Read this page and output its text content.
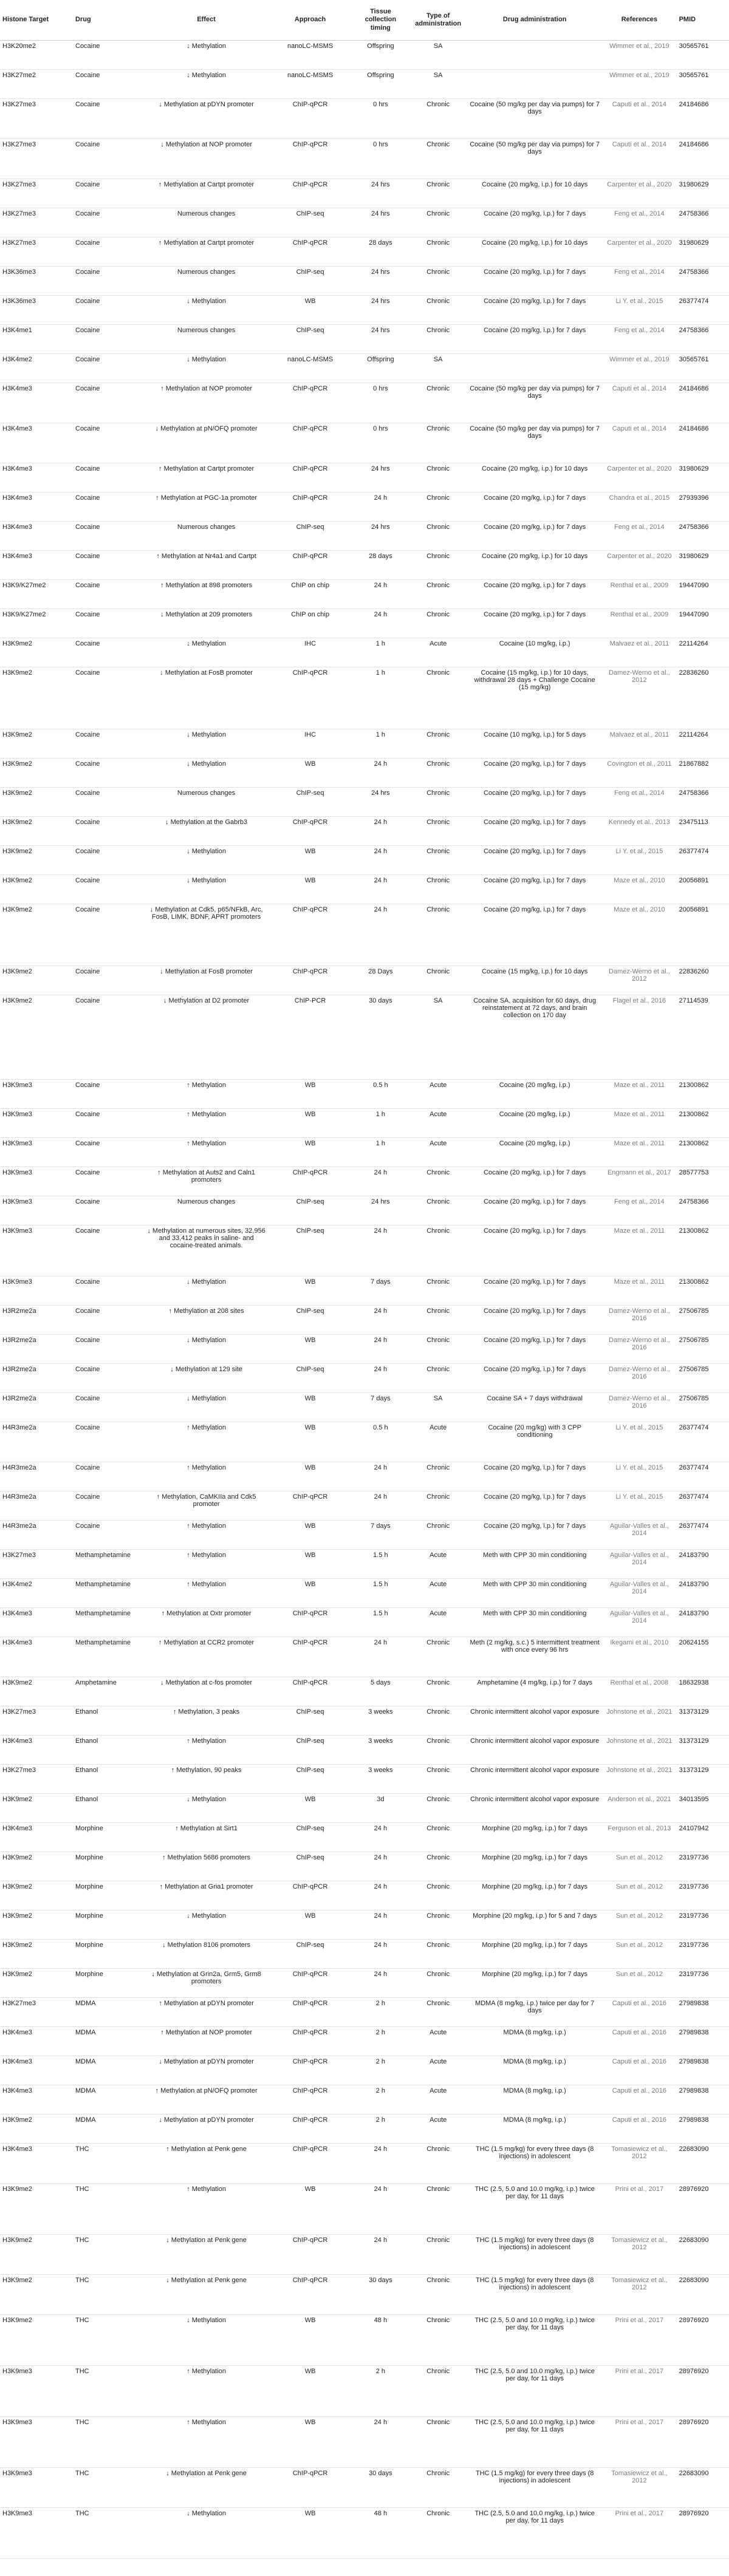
Histone Target	Drug	Effect	Approach	Tissue collection timing	Type of administration	Drug administration	References	PMID
H3K20me2	Cocaine	↓ Methylation	nanoLC-MSMS	Offspring	SA		Wimmer et al., 2019	30565761
H3K27me2	Cocaine	↓ Methylation	nanoLC-MSMS	Offspring	SA		Wimmer et al., 2019	30565761
H3K27me3	Cocaine	↓ Methylation at pDYN promoter	ChIP-qPCR	0 hrs	Chronic	Cocaine (50 mg/kg per day via pumps) for 7 days	Caputi et al., 2014	24184686
H3K27me3	Cocaine	↓ Methylation at NOP promoter	ChIP-qPCR	0 hrs	Chronic	Cocaine (50 mg/kg per day via pumps) for 7 days	Caputi et al., 2014	24184686
H3K27me3	Cocaine	↑ Methylation at Cartpt promoter	ChIP-qPCR	24 hrs	Chronic	Cocaine (20 mg/kg, i.p.) for 10 days	Carpenter et al., 2020	31980629
H3K27me3	Cocaine	Numerous changes	ChIP-seq	24 hrs	Chronic	Cocaine (20 mg/kg, i.p.) for 7 days	Feng et al., 2014	24758366
H3K27me3	Cocaine	↑ Methylation at Cartpt promoter	ChIP-qPCR	28 days	Chronic	Cocaine (20 mg/kg, i.p.) for 10 days	Carpenter et al., 2020	31980629
H3K36me3	Cocaine	Numerous changes	ChIP-seq	24 hrs	Chronic	Cocaine (20 mg/kg, i.p.) for 7 days	Feng et al., 2014	24758366
H3K36me3	Cocaine	↓ Methylation	WB	24 hrs	Chronic	Cocaine (20 mg/kg, i.p.) for 7 days	Li Y. et al., 2015	26377474
H3K4me1	Cocaine	Numerous changes	ChIP-seq	24 hrs	Chronic	Cocaine (20 mg/kg, i.p.) for 7 days	Feng et al., 2014	24758366
H3K4me2	Cocaine	↓ Methylation	nanoLC-MSMS	Offspring	SA		Wimmer et al., 2019	30565761
H3K4me3	Cocaine	↑ Methylation at NOP promoter	ChIP-qPCR	0 hrs	Chronic	Cocaine (50 mg/kg per day via pumps) for 7 days	Caputi et al., 2014	24184686
H3K4me3	Cocaine	↓ Methylation at pN/OFQ promoter	ChIP-qPCR	0 hrs	Chronic	Cocaine (50 mg/kg per day via pumps) for 7 days	Caputi et al., 2014	24184686
H3K4me3	Cocaine	↑ Methylation at Cartpt promoter	ChIP-qPCR	24 hrs	Chronic	Cocaine (20 mg/kg, i.p.) for 10 days	Carpenter et al., 2020	31980629
H3K4me3	Cocaine	↑ Methylation at PGC-1a promoter	ChIP-qPCR	24 h	Chronic	Cocaine (20 mg/kg, i.p.) for 7 days	Chandra et al., 2015	27939396
H3K4me3	Cocaine	Numerous changes	ChIP-seq	24 hrs	Chronic	Cocaine (20 mg/kg, i.p.) for 7 days	Feng et al., 2014	24758366
H3K4me3	Cocaine	↑ Methylation at Nr4a1 and Cartpt	ChIP-qPCR	28 days	Chronic	Cocaine (20 mg/kg, i.p.) for 10 days	Carpenter et al., 2020	31980629
H3K9/K27me2	Cocaine	↑ Methylation at 898 promoters	ChIP on chip	24 h	Chronic	Cocaine (20 mg/kg, i.p.) for 7 days	Renthal et al., 2009	19447090
H3K9/K27me2	Cocaine	↓ Methylation at 209 promoters	ChIP on chip	24 h	Chronic	Cocaine (20 mg/kg, i.p.) for 7 days	Renthal et al., 2009	19447090
H3K9me2	Cocaine	↓ Methylation	IHC	1 h	Acute	Cocaine (10 mg/kg, i.p.)	Malvaez et al., 2011	22114264
H3K9me2	Cocaine	↓ Methylation at FosB promoter	ChIP-qPCR	1 h	Chronic	Cocaine (15 mg/kg, i.p.) for 10 days, withdrawal 28 days + Challenge Cocaine (15 mg/kg)	Damez-Werno et al., 2012	22836260
H3K9me2	Cocaine	↓ Methylation	IHC	1 h	Chronic	Cocaine (10 mg/kg, i.p.) for 5 days	Malvaez et al., 2011	22114264
H3K9me2	Cocaine	↓ Methylation	WB	24 h	Chronic	Cocaine (20 mg/kg, i.p.) for 7 days	Covington et al., 2011	21867882
H3K9me2	Cocaine	Numerous changes	ChIP-seq	24 hrs	Chronic	Cocaine (20 mg/kg, i.p.) for 7 days	Feng et al., 2014	24758366
H3K9me2	Cocaine	↓ Methylation at the Gabrb3	ChIP-qPCR	24 h	Chronic	Cocaine (20 mg/kg, i.p.) for 7 days	Kennedy et al., 2013	23475113
H3K9me2	Cocaine	↓ Methylation	WB	24 h	Chronic	Cocaine (20 mg/kg, i.p.) for 7 days	Li Y. et al., 2015	26377474
H3K9me2	Cocaine	↓ Methylation	WB	24 h	Chronic	Cocaine (20 mg/kg, i.p.) for 7 days	Maze et al., 2010	20056891
H3K9me2	Cocaine	↓ Methylation at Cdk5, p65/NFkB, Arc, FosB, LIMK, BDNF, APRT promoters	ChIP-qPCR	24 h	Chronic	Cocaine (20 mg/kg, i.p.) for 7 days	Maze et al., 2010	20056891
H3K9me2	Cocaine	↓ Methylation at FosB promoter	ChIP-qPCR	28 Days	Chronic	Cocaine (15 mg/kg, i.p.) for 10 days	Damez-Werno et al., 2012	22836260
H3K9me2	Cocaine	↓ Methylation at D2 promoter	ChIP-PCR	30 days	SA	Cocaine SA, acquisition for 60 days, drug reinstatement at 72 days, and brain collection on 170 day	Flagel et al., 2016	27114539
H3K9me3	Cocaine	↑ Methylation	WB	0.5 h	Acute	Cocaine (20 mg/kg, i.p.)	Maze et al., 2011	21300862
H3K9me3	Cocaine	↑ Methylation	WB	1 h	Acute	Cocaine (20 mg/kg, i.p.)	Maze et al., 2011	21300862
H3K9me3	Cocaine	↑ Methylation	WB	1 h	Acute	Cocaine (20 mg/kg, i.p.)	Maze et al., 2011	21300862
H3K9me3	Cocaine	↑ Methylation at Auts2 and Caln1 promoters	ChIP-qPCR	24 h	Chronic	Cocaine (20 mg/kg, i.p.) for 7 days	Engmann et al., 2017	28577753
H3K9me3	Cocaine	Numerous changes	ChIP-seq	24 hrs	Chronic	Cocaine (20 mg/kg, i.p.) for 7 days	Feng et al., 2014	24758366
H3K9me3	Cocaine	↓ Methylation at numerous sites, 32,956 and 33,412 peaks in saline- and cocaine-treated animals.	ChIP-seq	24 h	Chronic	Cocaine (20 mg/kg, i.p.) for 7 days	Maze et al., 2011	21300862
H3K9me3	Cocaine	↓ Methylation	WB	7 days	Chronic	Cocaine (20 mg/kg, i.p.) for 7 days	Maze et al., 2011	21300862
H3R2me2a	Cocaine	↑ Methylation at 208 sites	ChIP-seq	24 h	Chronic	Cocaine (20 mg/kg, i.p.) for 7 days	Damez-Werno et al., 2016	27506785
H3R2me2a	Cocaine	↓ Methylation	WB	24 h	Chronic	Cocaine (20 mg/kg, i.p.) for 7 days	Damez-Werno et al., 2016	27506785
H3R2me2a	Cocaine	↓ Methylation at 129 site	ChIP-seq	24 h	Chronic	Cocaine (20 mg/kg, i.p.) for 7 days	Damez-Werno et al., 2016	27506785
H3R2me2a	Cocaine	↓ Methylation	WB	7 days	SA	Cocaine SA + 7 days withdrawal	Damez-Werno et al., 2016	27506785
H4R3me2a	Cocaine	↑ Methylation	WB	0.5 h	Acute	Cocaine (20 mg/kg) with 3 CPP conditioning	Li Y. et al., 2015	26377474
H4R3me2a	Cocaine	↑ Methylation	WB	24 h	Chronic	Cocaine (20 mg/kg, i.p.) for 7 days	Li Y. et al., 2015	26377474
H4R3me2a	Cocaine	↑ Methylation, CaMKIIa and Cdk5 promoter	ChIP-qPCR	24 h	Chronic	Cocaine (20 mg/kg, i.p.) for 7 days	Li Y. et al., 2015	26377474
H4R3me2a	Cocaine	↑ Methylation	WB	7 days	Chronic	Cocaine (20 mg/kg, i.p.) for 7 days	Aguilar-Valles et al., 2014	26377474
H3K27me3	Methamphetamine	↑ Methylation	WB	1.5 h	Acute	Meth with CPP 30 min conditioning	Aguilar-Valles et al., 2014	24183790
H3K4me2	Methamphetamine	↑ Methylation	WB	1.5 h	Acute	Meth with CPP 30 min conditioning	Aguilar-Valles et al., 2014	24183790
H3K4me3	Methamphetamine	↑ Methylation at Oxtr promoter	ChIP-qPCR	1.5 h	Acute	Meth with CPP 30 min conditioning	Aguilar-Valles et al., 2014	24183790
H3K4me3	Methamphetamine	↑ Methylation at CCR2 promoter	ChIP-qPCR	24 h	Chronic	Meth (2 mg/kg, s.c.) 5 intermittent treatment with once every 96 hrs	Ikegami et al., 2010	20624155
H3K9me2	Amphetamine	↓ Methylation at c-fos promoter	ChIP-qPCR	5 days	Chronic	Amphetamine (4 mg/kg, i.p.) for 7 days	Renthal et al., 2008	18632938
H3K27me3	Ethanol	↑ Methylation, 3 peaks	ChIP-seq	3 weeks	Chronic	Chronic intermittent alcohol vapor exposure	Johnstone et al., 2021	31373129
H3K4me3	Ethanol	↑ Methylation	ChIP-seq	3 weeks	Chronic	Chronic intermittent alcohol vapor exposure	Johnstone et al., 2021	31373129
H3K27me3	Ethanol	↑ Methylation, 90 peaks	ChIP-seq	3 weeks	Chronic	Chronic intermittent alcohol vapor exposure	Johnstone et al., 2021	31373129
H3K9me2	Ethanol	↓ Methylation	WB	3d	Chronic	Chronic intermittent alcohol vapor exposure	Anderson et al., 2021	34013595
H3K4me3	Morphine	↑ Methylation at Sirt1	ChIP-seq	24 h	Chronic	Morphine (20 mg/kg, i.p.) for 7 days	Ferguson et al., 2013	24107942
H3K9me2	Morphine	↑ Methylation 5686 promoters	ChIP-seq	24 h	Chronic	Morphine (20 mg/kg, i.p.) for 7 days	Sun et al., 2012	23197736
H3K9me2	Morphine	↑ Methylation at Gria1 promoter	ChIP-qPCR	24 h	Chronic	Morphine (20 mg/kg, i.p.) for 7 days	Sun et al., 2012	23197736
H3K9me2	Morphine	↓ Methylation	WB	24 h	Chronic	Morphine (20 mg/kg, i.p.) for 5 and 7 days	Sun et al., 2012	23197736
H3K9me2	Morphine	↓ Methylation 8106 promoters	ChIP-seq	24 h	Chronic	Morphine (20 mg/kg, i.p.) for 7 days	Sun et al., 2012	23197736
H3K9me2	Morphine	↓ Methylation at Grin2a, Grm5, Grm8 promoters	ChIP-qPCR	24 h	Chronic	Morphine (20 mg/kg, i.p.) for 7 days	Sun et al., 2012	23197736
H3K27me3	MDMA	↑ Methylation at pDYN promoter	ChIP-qPCR	2 h	Chronic	MDMA (8 mg/kg, i.p.) twice per day for 7 days	Caputi et al., 2016	27989838
H3K4me3	MDMA	↑ Methylation at NOP promoter	ChIP-qPCR	2 h	Acute	MDMA (8 mg/kg, i.p.)	Caputi et al., 2016	27989838
H3K4me3	MDMA	↓ Methylation at pDYN promoter	ChIP-qPCR	2 h	Acute	MDMA (8 mg/kg, i.p.)	Caputi et al., 2016	27989838
H3K4me3	MDMA	↑ Methylation at pN/OFQ promoter	ChIP-qPCR	2 h	Acute	MDMA (8 mg/kg, i.p.)	Caputi et al., 2016	27989838
H3K9me2	MDMA	↓ Methylation at pDYN promoter	ChIP-qPCR	2 h	Acute	MDMA (8 mg/kg, i.p.)	Caputi et al., 2016	27989838
H3K4me3	THC	↑ Methylation at Penk gene	ChIP-qPCR	24 h	Chronic	THC (1.5 mg/kg) for every three days (8 injections) in adolescent	Tomasiewicz et al., 2012	22683090
H3K9me2	THC	↑ Methylation	WB	24 h	Chronic	THC (2.5, 5.0 and 10.0 mg/kg, i.p.) twice per day, for 11 days	Prini et al., 2017	28976920
H3K9me2	THC	↓ Methylation at Penk gene	ChIP-qPCR	24 h	Chronic	THC (1.5 mg/kg) for every three days (8 injections) in adolescent	Tomasiewicz et al., 2012	22683090
H3K9me2	THC	↓ Methylation at Penk gene	ChIP-qPCR	30 days	Chronic	THC (1.5 mg/kg) for every three days (8 injections) in adolescent	Tomasiewicz et al., 2012	22683090
H3K9me2	THC	↓ Methylation	WB	48 h	Chronic	THC (2.5, 5.0 and 10.0 mg/kg, i.p.) twice per day, for 11 days	Prini et al., 2017	28976920
H3K9me3	THC	↑ Methylation	WB	2 h	Chronic	THC (2.5, 5.0 and 10.0 mg/kg, i.p.) twice per day, for 11 days	Prini et al., 2017	28976920
H3K9me3	THC	↑ Methylation	WB	24 h	Chronic	THC (2.5, 5.0 and 10.0 mg/kg, i.p.) twice per day, for 11 days	Prini et al., 2017	28976920
H3K9me3	THC	↓ Methylation at Penk gene	ChIP-qPCR	30 days	Chronic	THC (1.5 mg/kg) for every three days (8 injections) in adolescent	Tomasiewicz et al., 2012	22683090
H3K9me3	THC	↓ Methylation	WB	48 h	Chronic	THC (2.5, 5.0 and 10.0 mg/kg, i.p.) twice per day, for 11 days	Prini et al., 2017	28976920
